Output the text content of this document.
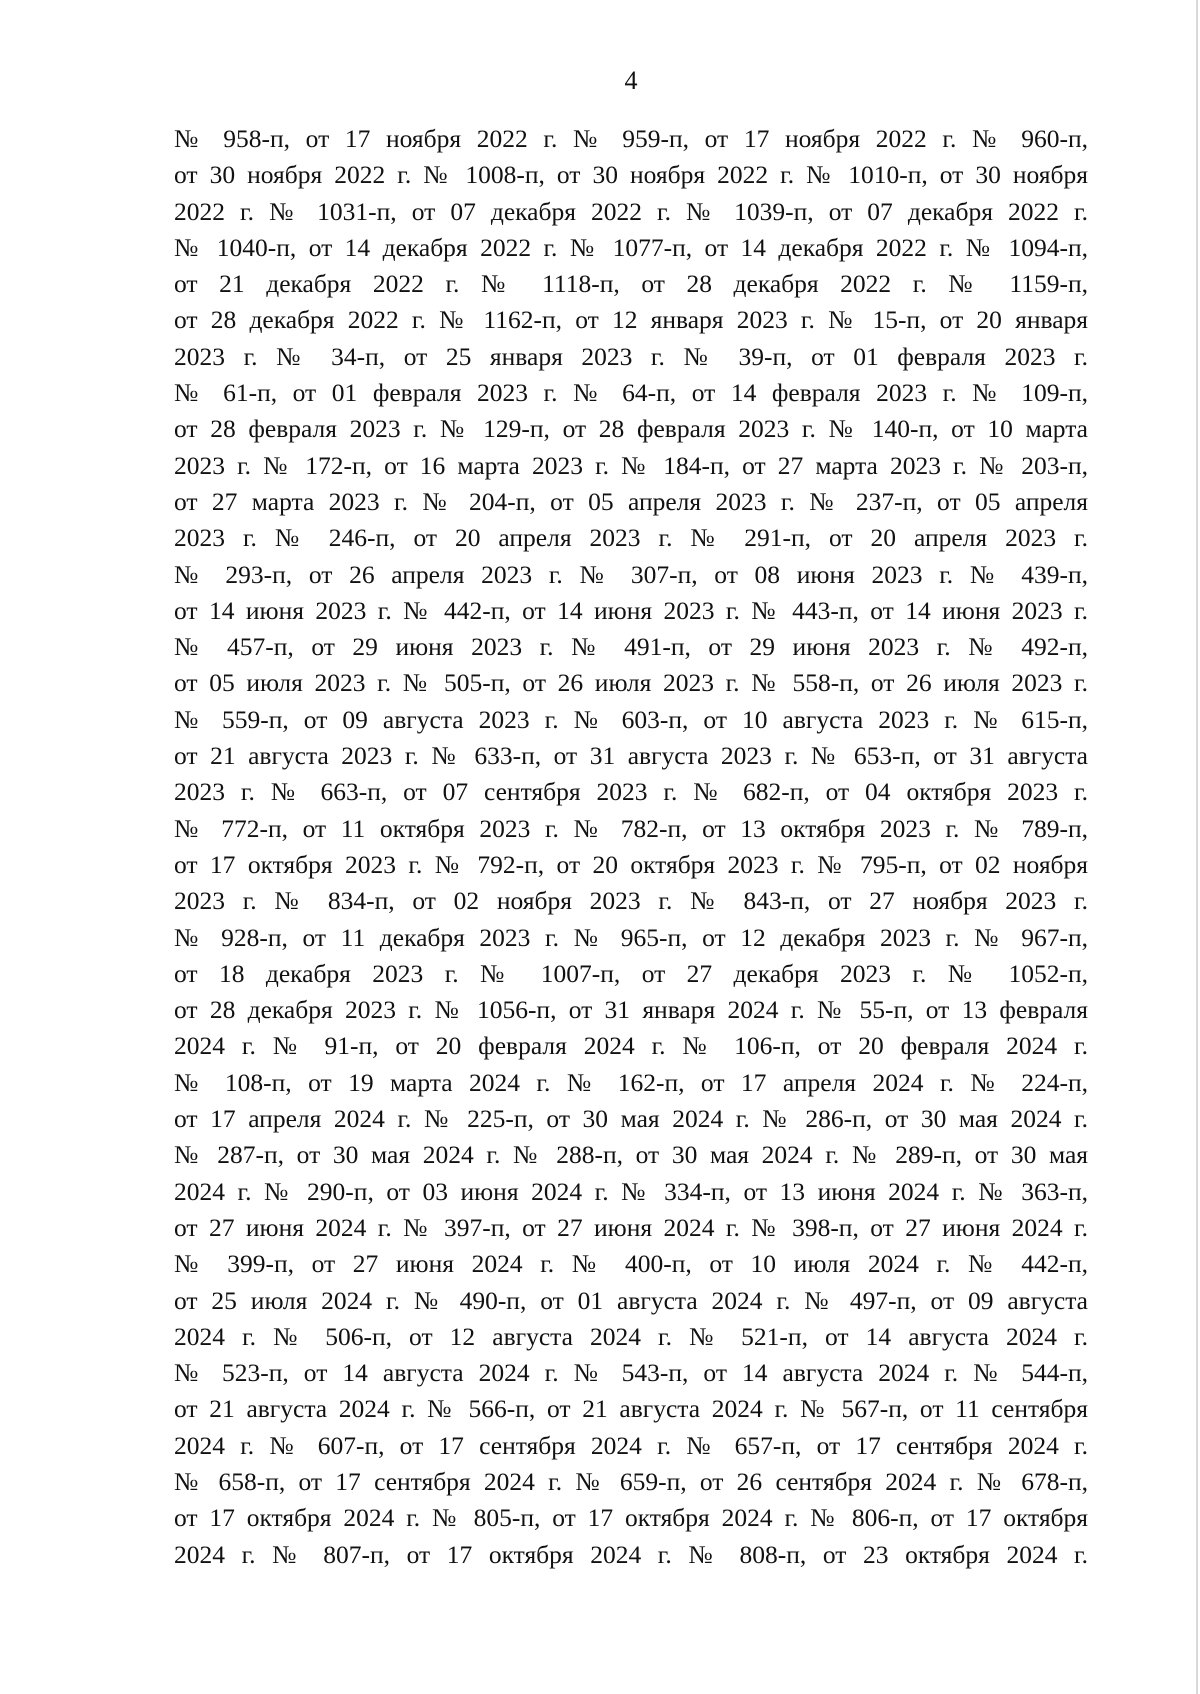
4
№ 958-п, от 17 ноября 2022 г. № 959-п, от 17 ноября 2022 г. № 960-п,
от 30 ноября 2022 г. № 1008-п, от 30 ноября 2022 г. № 1010-п, от 30 ноября
2022 г. № 1031-п, от 07 декабря 2022 г. № 1039-п, от 07 декабря 2022 г.
№ 1040-п, от 14 декабря 2022 г. № 1077-п, от 14 декабря 2022 г. № 1094-п,
от 21 декабря 2022 г. № 1118-п, от 28 декабря 2022 г. № 1159-п,
от 28 декабря 2022 г. № 1162-п, от 12 января 2023 г. № 15-п, от 20 января
2023 г. № 34-п, от 25 января 2023 г. № 39-п, от 01 февраля 2023 г.
№ 61-п, от 01 февраля 2023 г. № 64-п, от 14 февраля 2023 г. № 109-п,
от 28 февраля 2023 г. № 129-п, от 28 февраля 2023 г. № 140-п, от 10 марта
2023 г. № 172-п, от 16 марта 2023 г. № 184-п, от 27 марта 2023 г. № 203-п,
от 27 марта 2023 г. № 204-п, от 05 апреля 2023 г. № 237-п, от 05 апреля
2023 г. № 246-п, от 20 апреля 2023 г. № 291-п, от 20 апреля 2023 г.
№ 293-п, от 26 апреля 2023 г. № 307-п, от 08 июня 2023 г. № 439-п,
от 14 июня 2023 г. № 442-п, от 14 июня 2023 г. № 443-п, от 14 июня 2023 г.
№ 457-п, от 29 июня 2023 г. № 491-п, от 29 июня 2023 г. № 492-п,
от 05 июля 2023 г. № 505-п, от 26 июля 2023 г. № 558-п, от 26 июля 2023 г.
№ 559-п, от 09 августа 2023 г. № 603-п, от 10 августа 2023 г. № 615-п,
от 21 августа 2023 г. № 633-п, от 31 августа 2023 г. № 653-п, от 31 августа
2023 г. № 663-п, от 07 сентября 2023 г. № 682-п, от 04 октября 2023 г.
№ 772-п, от 11 октября 2023 г. № 782-п, от 13 октября 2023 г. № 789-п,
от 17 октября 2023 г. № 792-п, от 20 октября 2023 г. № 795-п, от 02 ноября
2023 г. № 834-п, от 02 ноября 2023 г. № 843-п, от 27 ноября 2023 г.
№ 928-п, от 11 декабря 2023 г. № 965-п, от 12 декабря 2023 г. № 967-п,
от 18 декабря 2023 г. № 1007-п, от 27 декабря 2023 г. № 1052-п,
от 28 декабря 2023 г. № 1056-п, от 31 января 2024 г. № 55-п, от 13 февраля
2024 г. № 91-п, от 20 февраля 2024 г. № 106-п, от 20 февраля 2024 г.
№ 108-п, от 19 марта 2024 г. № 162-п, от 17 апреля 2024 г. № 224-п,
от 17 апреля 2024 г. № 225-п, от 30 мая 2024 г. № 286-п, от 30 мая 2024 г.
№ 287-п, от 30 мая 2024 г. № 288-п, от 30 мая 2024 г. № 289-п, от 30 мая
2024 г. № 290-п, от 03 июня 2024 г. № 334-п, от 13 июня 2024 г. № 363-п,
от 27 июня 2024 г. № 397-п, от 27 июня 2024 г. № 398-п, от 27 июня 2024 г.
№ 399-п, от 27 июня 2024 г. № 400-п, от 10 июля 2024 г. № 442-п,
от 25 июля 2024 г. № 490-п, от 01 августа 2024 г. № 497-п, от 09 августа
2024 г. № 506-п, от 12 августа 2024 г. № 521-п, от 14 августа 2024 г.
№ 523-п, от 14 августа 2024 г. № 543-п, от 14 августа 2024 г. № 544-п,
от 21 августа 2024 г. № 566-п, от 21 августа 2024 г. № 567-п, от 11 сентября
2024 г. № 607-п, от 17 сентября 2024 г. № 657-п, от 17 сентября 2024 г.
№ 658-п, от 17 сентября 2024 г. № 659-п, от 26 сентября 2024 г. № 678-п,
от 17 октября 2024 г. № 805-п, от 17 октября 2024 г. № 806-п, от 17 октября
2024 г. № 807-п, от 17 октября 2024 г. № 808-п, от 23 октября 2024 г.
